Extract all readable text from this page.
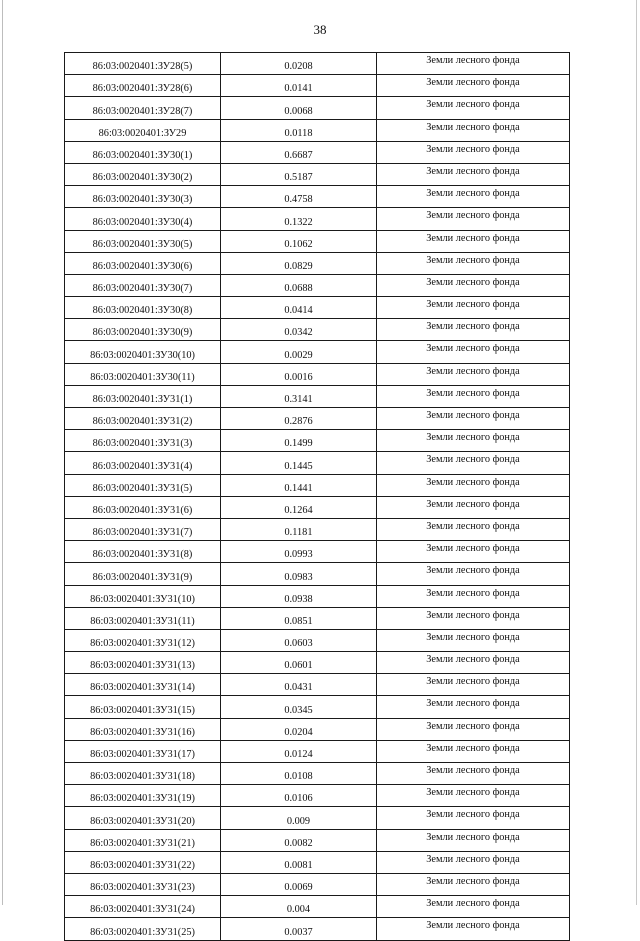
38
86:03:0020401:ЗУ28(5)	0.0208	Земли лесного фонда
86:03:0020401:ЗУ28(6)	0.0141	Земли лесного фонда
86:03:0020401:ЗУ28(7)	0.0068	Земли лесного фонда
86:03:0020401:ЗУ29	0.0118	Земли лесного фонда
86:03:0020401:ЗУ30(1)	0.6687	Земли лесного фонда
86:03:0020401:ЗУ30(2)	0.5187	Земли лесного фонда
86:03:0020401:ЗУ30(3)	0.4758	Земли лесного фонда
86:03:0020401:ЗУ30(4)	0.1322	Земли лесного фонда
86:03:0020401:ЗУ30(5)	0.1062	Земли лесного фонда
86:03:0020401:ЗУ30(6)	0.0829	Земли лесного фонда
86:03:0020401:ЗУ30(7)	0.0688	Земли лесного фонда
86:03:0020401:ЗУ30(8)	0.0414	Земли лесного фонда
86:03:0020401:ЗУ30(9)	0.0342	Земли лесного фонда
86:03:0020401:ЗУ30(10)	0.0029	Земли лесного фонда
86:03:0020401:ЗУ30(11)	0.0016	Земли лесного фонда
86:03:0020401:ЗУ31(1)	0.3141	Земли лесного фонда
86:03:0020401:ЗУ31(2)	0.2876	Земли лесного фонда
86:03:0020401:ЗУ31(3)	0.1499	Земли лесного фонда
86:03:0020401:ЗУ31(4)	0.1445	Земли лесного фонда
86:03:0020401:ЗУ31(5)	0.1441	Земли лесного фонда
86:03:0020401:ЗУ31(6)	0.1264	Земли лесного фонда
86:03:0020401:ЗУ31(7)	0.1181	Земли лесного фонда
86:03:0020401:ЗУ31(8)	0.0993	Земли лесного фонда
86:03:0020401:ЗУ31(9)	0.0983	Земли лесного фонда
86:03:0020401:ЗУ31(10)	0.0938	Земли лесного фонда
86:03:0020401:ЗУ31(11)	0.0851	Земли лесного фонда
86:03:0020401:ЗУ31(12)	0.0603	Земли лесного фонда
86:03:0020401:ЗУ31(13)	0.0601	Земли лесного фонда
86:03:0020401:ЗУ31(14)	0.0431	Земли лесного фонда
86:03:0020401:ЗУ31(15)	0.0345	Земли лесного фонда
86:03:0020401:ЗУ31(16)	0.0204	Земли лесного фонда
86:03:0020401:ЗУ31(17)	0.0124	Земли лесного фонда
86:03:0020401:ЗУ31(18)	0.0108	Земли лесного фонда
86:03:0020401:ЗУ31(19)	0.0106	Земли лесного фонда
86:03:0020401:ЗУ31(20)	0.009	Земли лесного фонда
86:03:0020401:ЗУ31(21)	0.0082	Земли лесного фонда
86:03:0020401:ЗУ31(22)	0.0081	Земли лесного фонда
86:03:0020401:ЗУ31(23)	0.0069	Земли лесного фонда
86:03:0020401:ЗУ31(24)	0.004	Земли лесного фонда
86:03:0020401:ЗУ31(25)	0.0037	Земли лесного фонда
